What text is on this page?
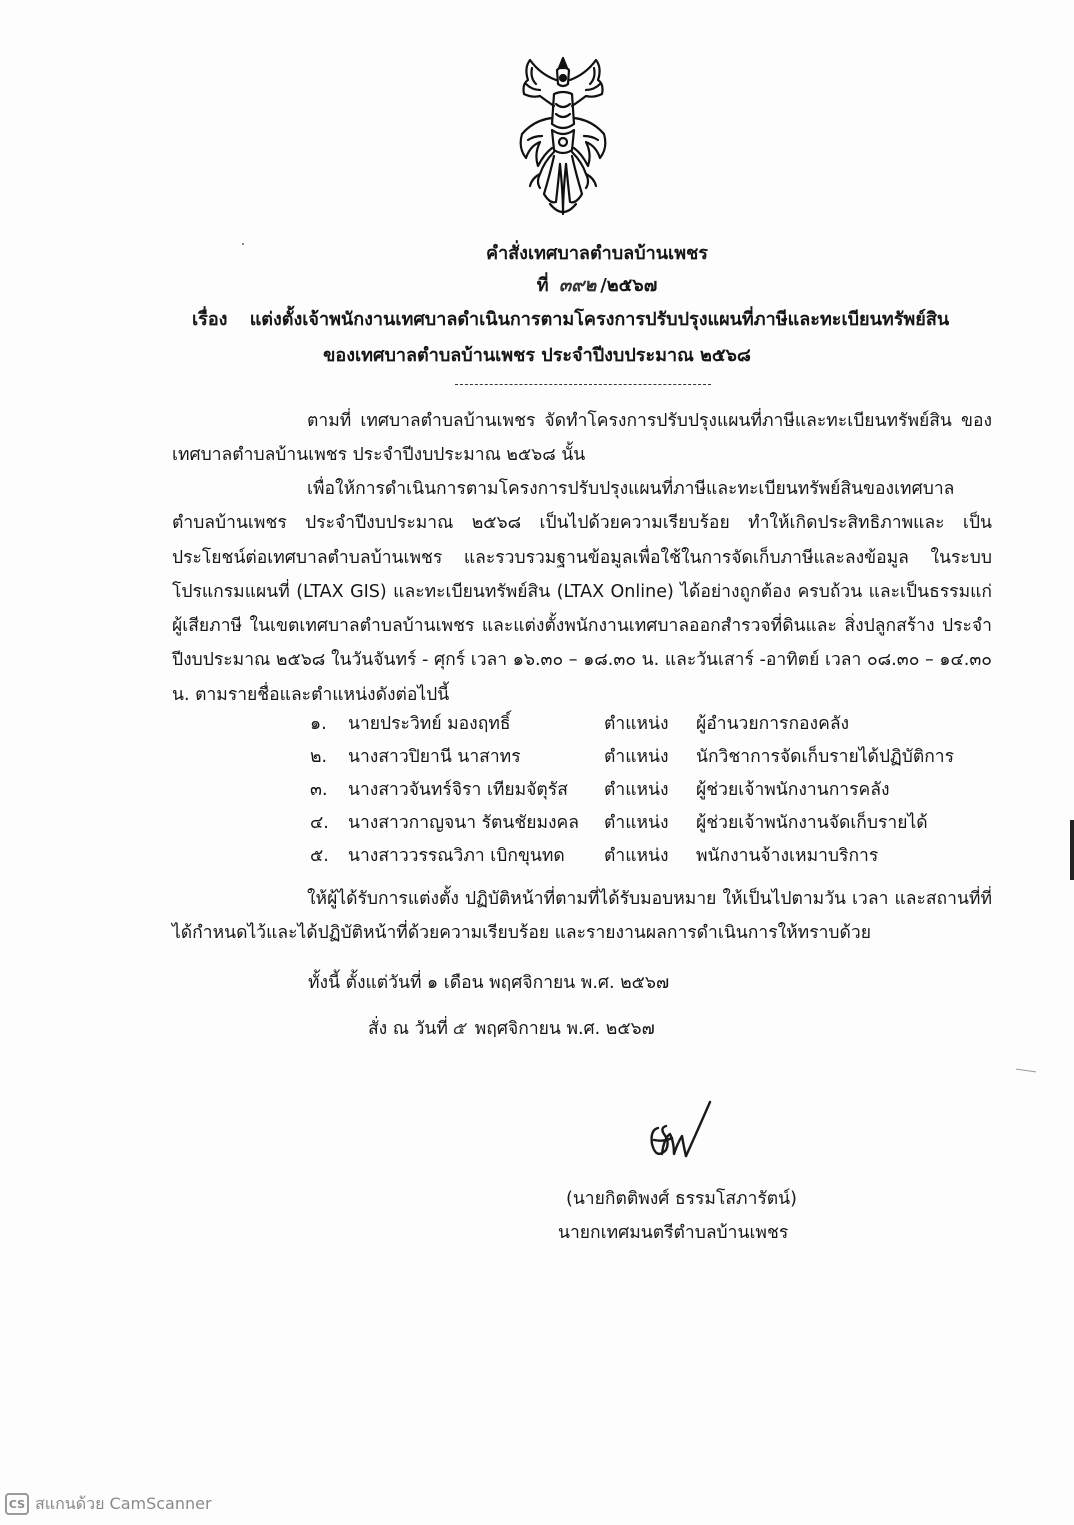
คำสั่งเทศบาลตำบลบ้านเพชร
ที่ ๓๙๒ /๒๕๖๗
เรื่อง แต่งตั้งเจ้าพนักงานเทศบาลดำเนินการตามโครงการปรับปรุงแผนที่ภาษีและทะเบียนทรัพย์สิน
ของเทศบาลตำบลบ้านเพชร ประจำปีงบประมาณ ๒๕๖๘
ตามที่ เทศบาลตำบลบ้านเพชร จัดทำโครงการปรับปรุงแผนที่ภาษีและทะเบียนทรัพย์สิน ของเทศบาลตำบลบ้านเพชร ประจำปีงบประมาณ ๒๕๖๘ นั้น
เพื่อให้การดำเนินการตามโครงการปรับปรุงแผนที่ภาษีและทะเบียนทรัพย์สินของเทศบาล ตำบลบ้านเพชร ประจำปีงบประมาณ ๒๕๖๘ เป็นไปด้วยความเรียบร้อย ทำให้เกิดประสิทธิภาพและ เป็นประโยชน์ต่อเทศบาลตำบลบ้านเพชร และรวบรวมฐานข้อมูลเพื่อใช้ในการจัดเก็บภาษีและลงข้อมูล ในระบบโปรแกรมแผนที่ (LTAX GIS) และทะเบียนทรัพย์สิน (LTAX Online) ได้อย่างถูกต้อง ครบถ้วน และเป็นธรรมแก่ผู้เสียภาษี ในเขตเทศบาลตำบลบ้านเพชร และแต่งตั้งพนักงานเทศบาลออกสำรวจที่ดินและ สิ่งปลูกสร้าง ประจำปีงบประมาณ ๒๕๖๘ ในวันจันทร์ - ศุกร์ เวลา ๑๖.๓๐ – ๑๘.๓๐ น. และวันเสาร์ -อาทิตย์ เวลา ๐๘.๓๐ – ๑๔.๓๐ น. ตามรายชื่อและตำแหน่งดังต่อไปนี้
๑. นายประวิทย์ มองฤทธิ์	ตำแหน่ง ผู้อำนวยการกองคลัง
๒. นางสาวปิยานี นาสาทร	ตำแหน่ง นักวิชาการจัดเก็บรายได้ปฏิบัติการ
๓. นางสาวจันทร์จิรา เทียมจัตุรัส ตำแหน่ง ผู้ช่วยเจ้าพนักงานการคลัง
๔. นางสาวกาญจนา รัตนชัยมงคล ตำแหน่ง ผู้ช่วยเจ้าพนักงานจัดเก็บรายได้
๕. นางสาววรรณวิภา เบิกขุนทด ตำแหน่ง พนักงานจ้างเหมาบริการ
ให้ผู้ได้รับการแต่งตั้ง ปฏิบัติหน้าที่ตามที่ได้รับมอบหมาย ให้เป็นไปตามวัน เวลา และสถานที่ที่ได้กำหนดไว้และได้ปฏิบัติหน้าที่ด้วยความเรียบร้อย และรายงานผลการดำเนินการให้ทราบด้วย
ทั้งนี้ ตั้งแต่วันที่ ๑ เดือน พฤศจิกายน พ.ศ. ๒๕๖๗
สั่ง ณ วันที่ ๕ พฤศจิกายน พ.ศ. ๒๕๖๗
(นายกิตติพงศ์ ธรรมโสภารัตน์)
นายกเทศมนตรีตำบลบ้านเพชร
CS สแกนด้วย CamScanner
